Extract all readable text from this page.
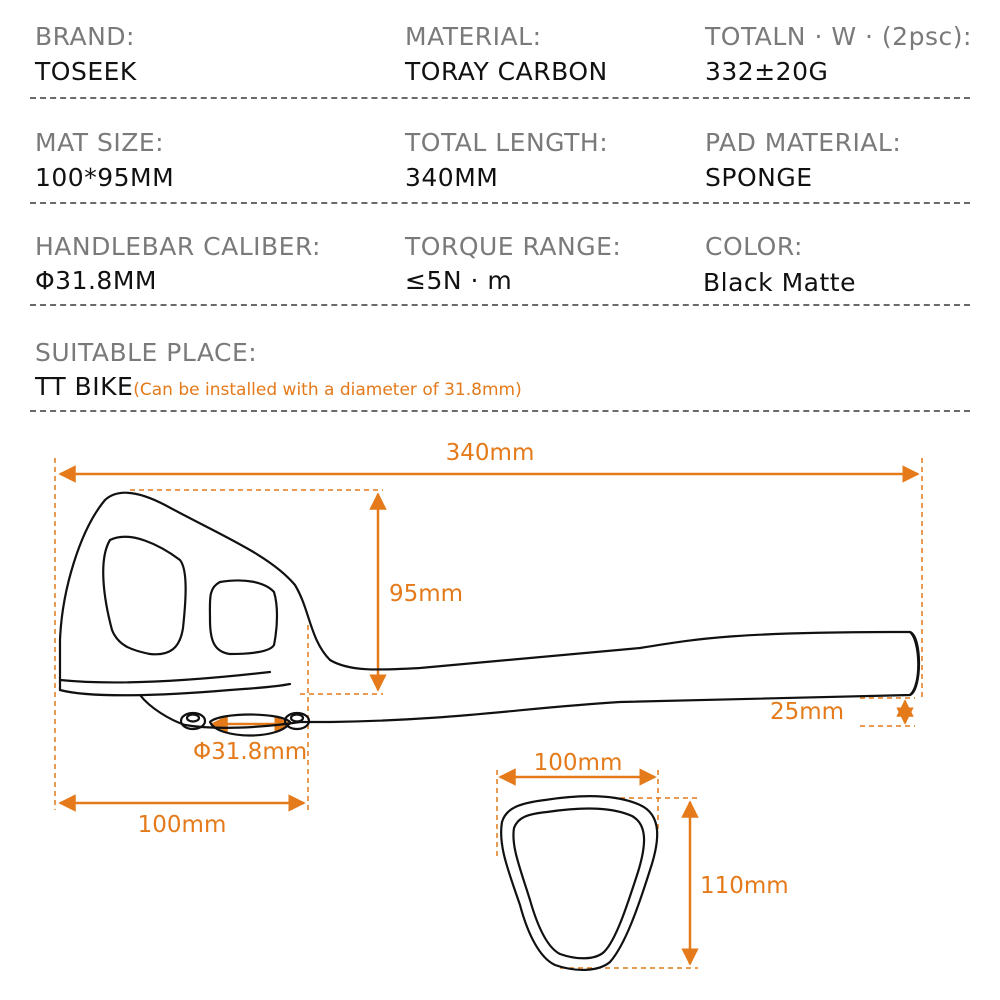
BRAND:
TOSEEK
MATERIAL:
TORAY CARBON
TOTALN · W · (2psc):
332±20G
MAT SIZE:
100*95MM
TOTAL LENGTH:
340MM
PAD MATERIAL:
SPONGE
HANDLEBAR CALIBER:
Φ31.8MM
TORQUE RANGE:
≤5N · m
COLOR:
Black Matte
SUITABLE PLACE:
TT BIKE(Can be installed with a diameter of 31.8mm)
340mm
95mm
25mm
Φ31.8mm
100mm
100mm
110mm
